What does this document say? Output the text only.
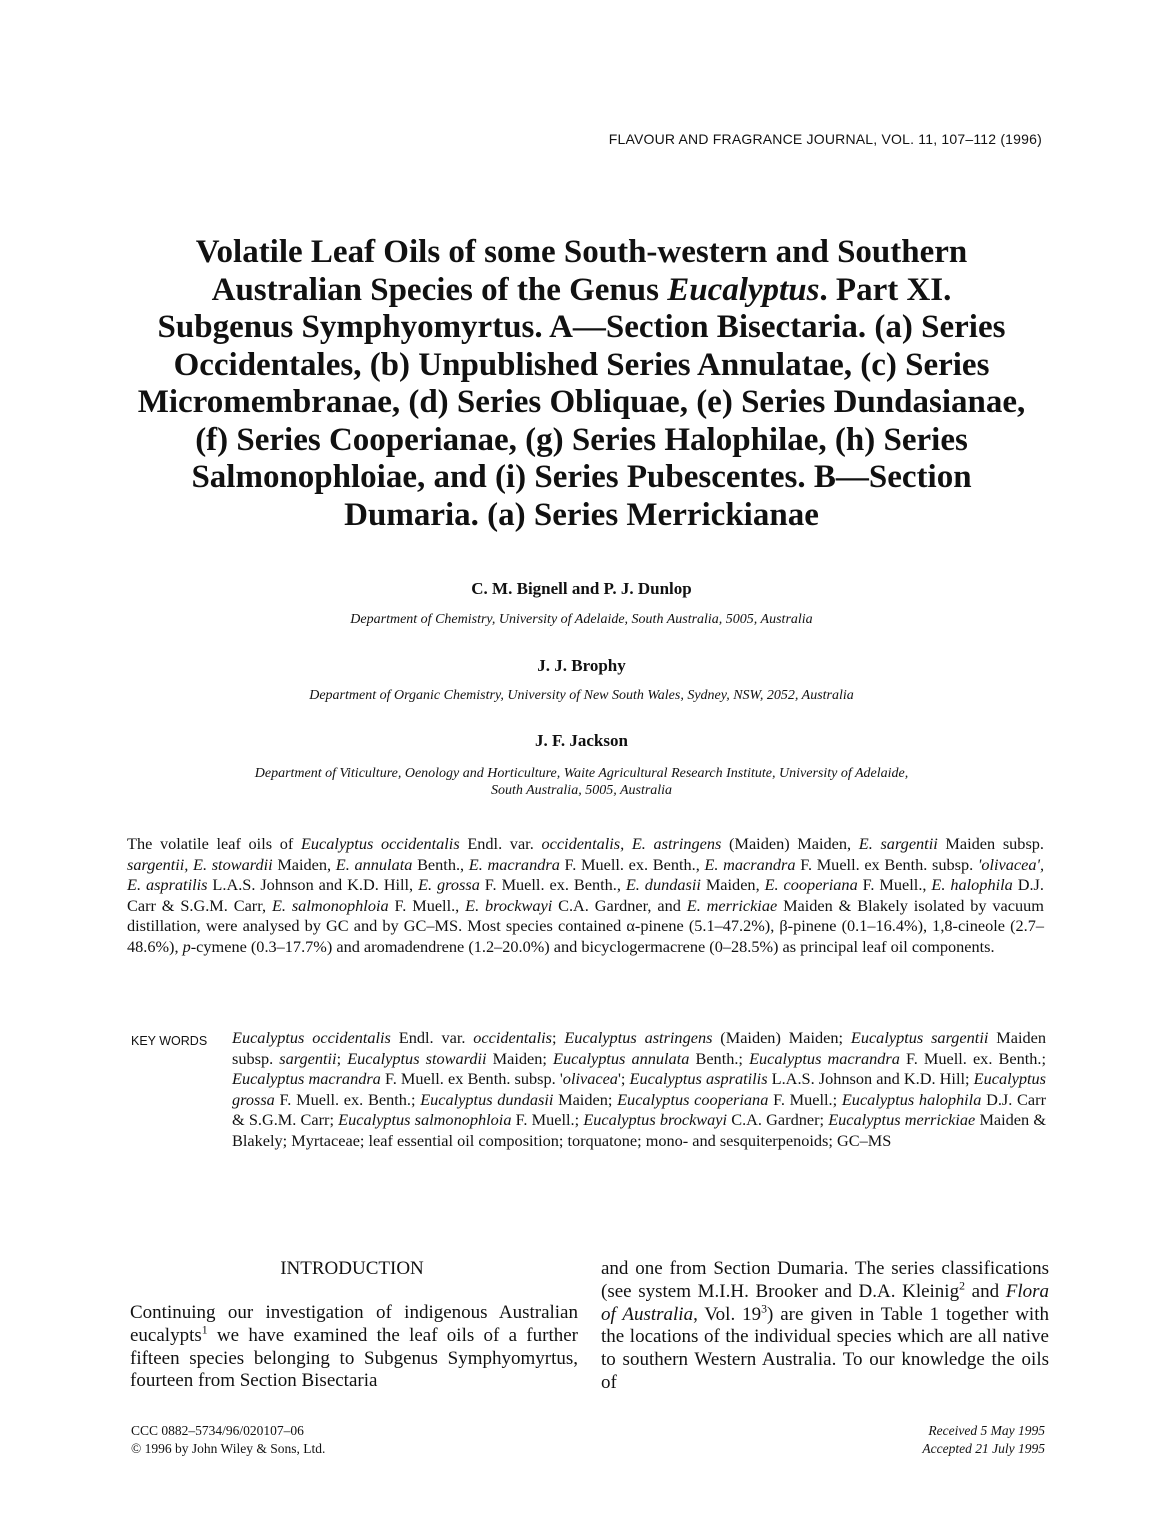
FLAVOUR AND FRAGRANCE JOURNAL, VOL. 11, 107–112 (1996)
Volatile Leaf Oils of some South-western and Southern
Australian Species of the Genus Eucalyptus. Part XI.
Subgenus Symphyomyrtus. A—Section Bisectaria. (a) Series
Occidentales, (b) Unpublished Series Annulatae, (c) Series
Micromembranae, (d) Series Obliquae, (e) Series Dundasianae,
(f) Series Cooperianae, (g) Series Halophilae, (h) Series
Salmonophloiae, and (i) Series Pubescentes. B—Section
Dumaria. (a) Series Merrickianae
C. M. Bignell and P. J. Dunlop
Department of Chemistry, University of Adelaide, South Australia, 5005, Australia
J. J. Brophy
Department of Organic Chemistry, University of New South Wales, Sydney, NSW, 2052, Australia
J. F. Jackson
Department of Viticulture, Oenology and Horticulture, Waite Agricultural Research Institute, University of Adelaide,
South Australia, 5005, Australia
The volatile leaf oils of Eucalyptus occidentalis Endl. var. occidentalis, E. astringens (Maiden) Maiden, E. sargentii Maiden subsp. sargentii, E. stowardii Maiden, E. annulata Benth., E. macrandra F. Muell. ex. Benth., E. macrandra F. Muell. ex Benth. subsp. 'olivacea', E. aspratilis L.A.S. Johnson and K.D. Hill, E. grossa F. Muell. ex. Benth., E. dundasii Maiden, E. cooperiana F. Muell., E. halophila D.J. Carr & S.G.M. Carr, E. salmonophloia F. Muell., E. brockwayi C.A. Gardner, and E. merrickiae Maiden & Blakely isolated by vacuum distillation, were analysed by GC and by GC–MS. Most species contained α-pinene (5.1–47.2%), β-pinene (0.1–16.4%), 1,8-cineole (2.7–48.6%), p-cymene (0.3–17.7%) and aromadendrene (1.2–20.0%) and bicyclogermacrene (0–28.5%) as principal leaf oil components.
KEY WORDS Eucalyptus occidentalis Endl. var. occidentalis; Eucalyptus astringens (Maiden) Maiden; Eucalyptus sargentii Maiden subsp. sargentii; Eucalyptus stowardii Maiden; Eucalyptus annulata Benth.; Eucalyptus macrandra F. Muell. ex. Benth.; Eucalyptus macrandra F. Muell. ex Benth. subsp. 'olivacea'; Eucalyptus aspratilis L.A.S. Johnson and K.D. Hill; Eucalyptus grossa F. Muell. ex. Benth.; Eucalyptus dundasii Maiden; Eucalyptus cooperiana F. Muell.; Eucalyptus halophila D.J. Carr & S.G.M. Carr; Eucalyptus salmonophloia F. Muell.; Eucalyptus brockwayi C.A. Gardner; Eucalyptus merrickiae Maiden & Blakely; Myrtaceae; leaf essential oil composition; torquatone; mono- and sesquiterpenoids; GC–MS
INTRODUCTION
Continuing our investigation of indigenous Australian eucalypts$^1$ we have examined the leaf oils of a further fifteen species belonging to Subgenus Symphyomyrtus, fourteen from Section Bisectaria
and one from Section Dumaria. The series classifications (see system M.I.H. Brooker and D.A. Kleinig$^2$ and Flora of Australia, Vol. $19^3$) are given in Table 1 together with the locations of the individual species which are all native to southern Western Australia. To our knowledge the oils of
CCC 0882–5734/96/020107–06
© 1996 by John Wiley & Sons, Ltd.
Received 5 May 1995
Accepted 21 July 1995
